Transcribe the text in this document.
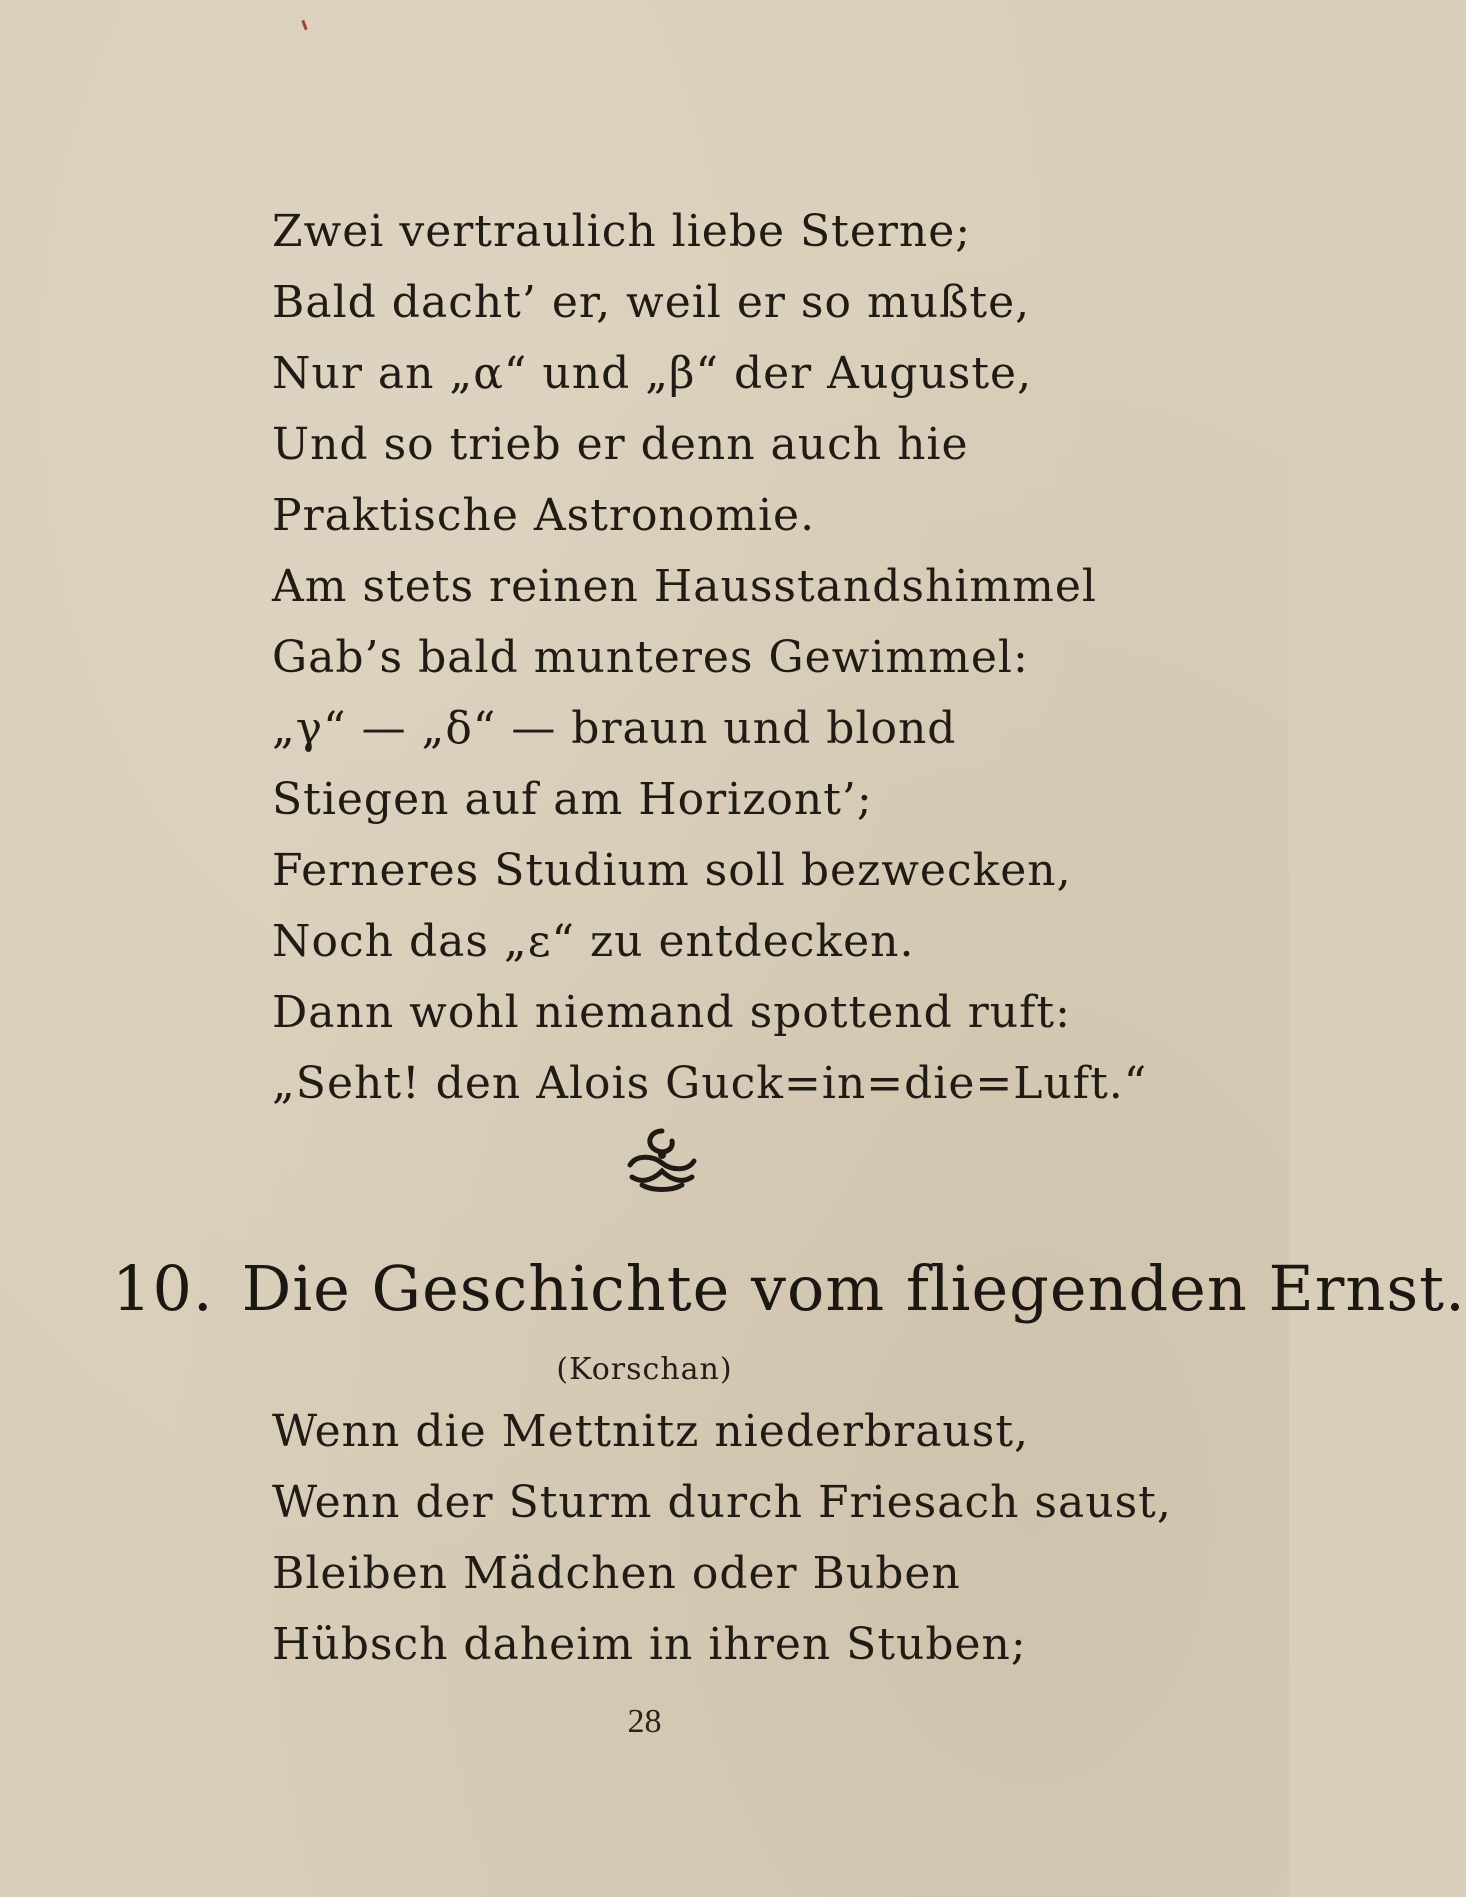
Zwei vertraulich liebe Sterne;
Bald dacht’ er, weil er so mußte,
Nur an „α“ und „β“ der Auguste,
Und so trieb er denn auch hie
Praktische Astronomie.
Am stets reinen Hausstandshimmel
Gab’s bald munteres Gewimmel:
„γ“ — „δ“ — braun und blond
Stiegen auf am Horizont’;
Ferneres Studium soll bezwecken,
Noch das „ε“ zu entdecken.
Dann wohl niemand spottend ruft:
„Seht! den Alois Guck=in=die=Luft.“
10. Die Geschichte vom fliegenden Ernst.
(Korschan)
Wenn die Mettnitz niederbraust,
Wenn der Sturm durch Friesach saust,
Bleiben Mädchen oder Buben
Hübsch daheim in ihren Stuben;
28
